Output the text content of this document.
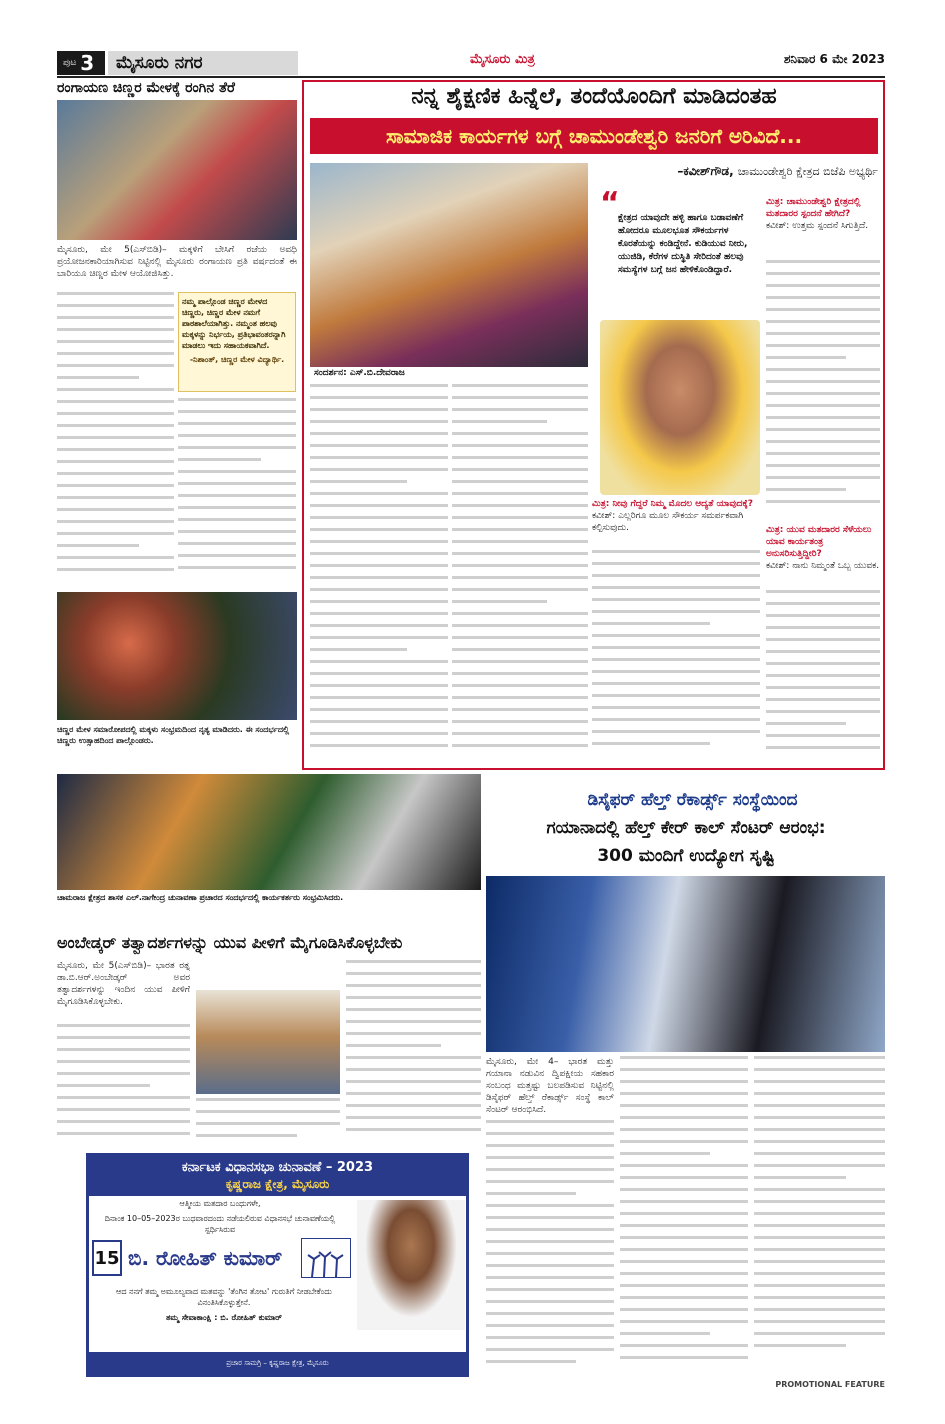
ಪುಟ 3	ಮೈಸೂರು ನಗರ	ಮೈಸೂರು ಮಿತ್ರ	ಶನಿವಾರ 6 ಮೇ 2023
ರಂಗಾಯಣ ಚಿಣ್ಣರ ಮೇಳಕ್ಕೆ ರಂಗಿನ ತೆರೆ
ಮೈಸೂರು, ಮೇ 5(ಎಸ್‌ಬಿಡಿ)– ಮಕ್ಕಳಿಗೆ ಬೇಸಿಗೆ ರಜೆಯ ಅವಧಿ ಪ್ರಯೋಜನಕಾರಿಯಾಗಿಸುವ ನಿಟ್ಟಿನಲ್ಲಿ ಮೈಸೂರು ರಂಗಾಯಣ ಪ್ರತಿ ವರ್ಷದಂತೆ ಈ ಬಾರಿಯೂ ಚಿಣ್ಣರ ಮೇಳ ಆಯೋಜಿಸಿತ್ತು.
ನಮ್ಮ ಪಾಲ್ಗೊಂಡ ಚಿಣ್ಣರ ಮೇಳದ ಚಿಣ್ಣರು, ಚಿಣ್ಣರ ಮೇಳ ನಮಗೆ ಪಾಠಶಾಲೆಯಾಗಿತ್ತು. ನಮ್ಮಂತ ಹಲವು ಮಕ್ಕಳನ್ನು ನಿರ್ಭಯ, ಪ್ರತಿಭಾವಂತರನ್ನಾಗಿ ಮಾಡಲು ಇದು ಸಹಾಯಕವಾಗಿದೆ.
-ನಿಶಾಂತ್, ಚಿಣ್ಣರ ಮೇಳ ವಿದ್ಯಾರ್ಥಿ.
ಚಿಣ್ಣರ ಮೇಳ ಸಮಾರೋಪದಲ್ಲಿ ಮಕ್ಕಳು ಸಂಭ್ರಮದಿಂದ ನೃತ್ಯ ಮಾಡಿದರು. ಈ ಸಂದರ್ಭದಲ್ಲಿ ಚಿಣ್ಣರು ಉತ್ಸಾಹದಿಂದ ಪಾಲ್ಗೊಂಡರು.
ನನ್ನ ಶೈಕ್ಷಣಿಕ ಹಿನ್ನೆಲೆ, ತಂದೆಯೊಂದಿಗೆ ಮಾಡಿದಂತಹ
ಸಾಮಾಜಿಕ ಕಾರ್ಯಗಳ ಬಗ್ಗೆ ಚಾಮುಂಡೇಶ್ವರಿ ಜನರಿಗೆ ಅರಿವಿದೆ...
ಸಂದರ್ಶನ: ಎಸ್.ಬಿ.ದೇವರಾಜ
–ಕವೀಶ್‌ಗೌಡ, ಚಾಮುಂಡೇಶ್ವರಿ ಕ್ಷೇತ್ರದ ಬಿಜೆಪಿ ಅಭ್ಯರ್ಥಿ
“
ಕ್ಷೇತ್ರದ ಯಾವುದೇ ಹಳ್ಳಿ ಹಾಗೂ ಬಡಾವಣೆಗೆ ಹೋದರೂ ಮೂಲಭೂತ ಸೌಕರ್ಯಗಳ ಕೊರತೆಯನ್ನು ಕಂಡಿದ್ದೇನೆ. ಕುಡಿಯುವ ನೀರು, ಯುಜಿಡಿ, ಕೆರೆಗಳ ದುಸ್ಥಿತಿ ಸೇರಿದಂತೆ ಹಲವು ಸಮಸ್ಯೆಗಳ ಬಗ್ಗೆ ಜನ ಹೇಳಿಕೊಂಡಿದ್ದಾರೆ.
ಮಿತ್ರ: ನೀವು ಗೆದ್ದರೆ ನಿಮ್ಮ ಮೊದಲ ಆದ್ಯತೆ ಯಾವುದಕ್ಕೆ?
ಕವೀಶ್: ಎಲ್ಲರಿಗೂ ಮೂಲ ಸೌಕರ್ಯ ಸಮರ್ಪಕವಾಗಿ ಕಲ್ಪಿಸುವುದು.
ಮಿತ್ರ: ಚಾಮುಂಡೇಶ್ವರಿ ಕ್ಷೇತ್ರದಲ್ಲಿ ಮತದಾರರ ಸ್ಪಂದನೆ ಹೇಗಿದೆ?
ಕವೀಶ್: ಉತ್ತಮ ಸ್ಪಂದನೆ ಸಿಗುತ್ತಿದೆ.
ಮಿತ್ರ: ಯುವ ಮತದಾರರ ಸೆಳೆಯಲು ಯಾವ ಕಾರ್ಯತಂತ್ರ ಅನುಸರಿಸುತ್ತಿದ್ದೀರಿ?
ಕವೀಶ್: ನಾನು ನಿಮ್ಮಂತೆ ಒಬ್ಬ ಯುವಕ.
ಚಾಮರಾಜ ಕ್ಷೇತ್ರದ ಶಾಸಕ ಎಲ್.ನಾಗೇಂದ್ರ ಚುನಾವಣಾ ಪ್ರಚಾರದ ಸಂದರ್ಭದಲ್ಲಿ ಕಾರ್ಯಕರ್ತರು ಸಂಭ್ರಮಿಸಿದರು.
ಅಂಬೇಡ್ಕರ್ ತತ್ವಾದರ್ಶಗಳನ್ನು ಯುವ ಪೀಳಿಗೆ ಮೈಗೂಡಿಸಿಕೊಳ್ಳಬೇಕು
ಮೈಸೂರು, ಮೇ 5(ಎಸ್‌ಬಿಡಿ)– ಭಾರತ ರತ್ನ ಡಾ.ಬಿ.ಆರ್.ಅಂಬೇಡ್ಕರ್ ಅವರ ತತ್ವಾದರ್ಶಗಳನ್ನು ಇಂದಿನ ಯುವ ಪೀಳಿಗೆ ಮೈಗೂಡಿಸಿಕೊಳ್ಳಬೇಕು.
ಕರ್ನಾಟಕ ವಿಧಾನಸಭಾ ಚುನಾವಣೆ – 2023
ಕೃಷ್ಣರಾಜ ಕ್ಷೇತ್ರ, ಮೈಸೂರು
ಆತ್ಮೀಯ ಮತದಾರ ಬಂಧುಗಳೇ,
ದಿನಾಂಕ 10–05–2023ರ ಬುಧವಾರದಂದು ನಡೆಯಲಿರುವ ವಿಧಾನಸಭೆ ಚುನಾವಣೆಯಲ್ಲಿ ಸ್ಪರ್ಧಿಸಿರುವ
15 ಬಿ. ರೋಹಿತ್ ಕುಮಾರ್
ಆದ ನನಗೆ ತಮ್ಮ ಅಮೂಲ್ಯವಾದ ಮತವನ್ನು 'ತೆಂಗಿನ ತೋಟ' ಗುರುತಿಗೆ ನೀಡಬೇಕೆಂದು ವಿನಂತಿಸಿಕೊಳ್ಳುತ್ತೇನೆ.
ತಮ್ಮ ಸೇವಾಕಾಂಕ್ಷಿ : ಬಿ. ರೋಹಿತ್ ಕುಮಾರ್
ಪ್ರಚಾರ ಸಾಮಗ್ರಿ – ಕೃಷ್ಣರಾಜ ಕ್ಷೇತ್ರ, ಮೈಸೂರು
ಡಿಸೈಫರ್ ಹೆಲ್ತ್ ರೆಕಾರ್ಡ್ಸ್ ಸಂಸ್ಥೆಯಿಂದ
ಗಯಾನಾದಲ್ಲಿ ಹೆಲ್ತ್ ಕೇರ್ ಕಾಲ್ ಸೆಂಟರ್ ಆರಂಭ:
300 ಮಂದಿಗೆ ಉದ್ಯೋಗ ಸೃಷ್ಟಿ
ಮೈಸೂರು, ಮೇ 4– ಭಾರತ ಮತ್ತು ಗಯಾನಾ ನಡುವಿನ ದ್ವಿಪಕ್ಷೀಯ ಸಹಕಾರ ಸಂಬಂಧ ಮತ್ತಷ್ಟು ಬಲಪಡಿಸುವ ನಿಟ್ಟಿನಲ್ಲಿ ಡಿಸೈಫರ್ ಹೆಲ್ತ್ ರೆಕಾರ್ಡ್ಸ್ ಸಂಸ್ಥೆ ಕಾಲ್ ಸೆಂಟರ್ ಆರಂಭಿಸಿದೆ.
PROMOTIONAL FEATURE
